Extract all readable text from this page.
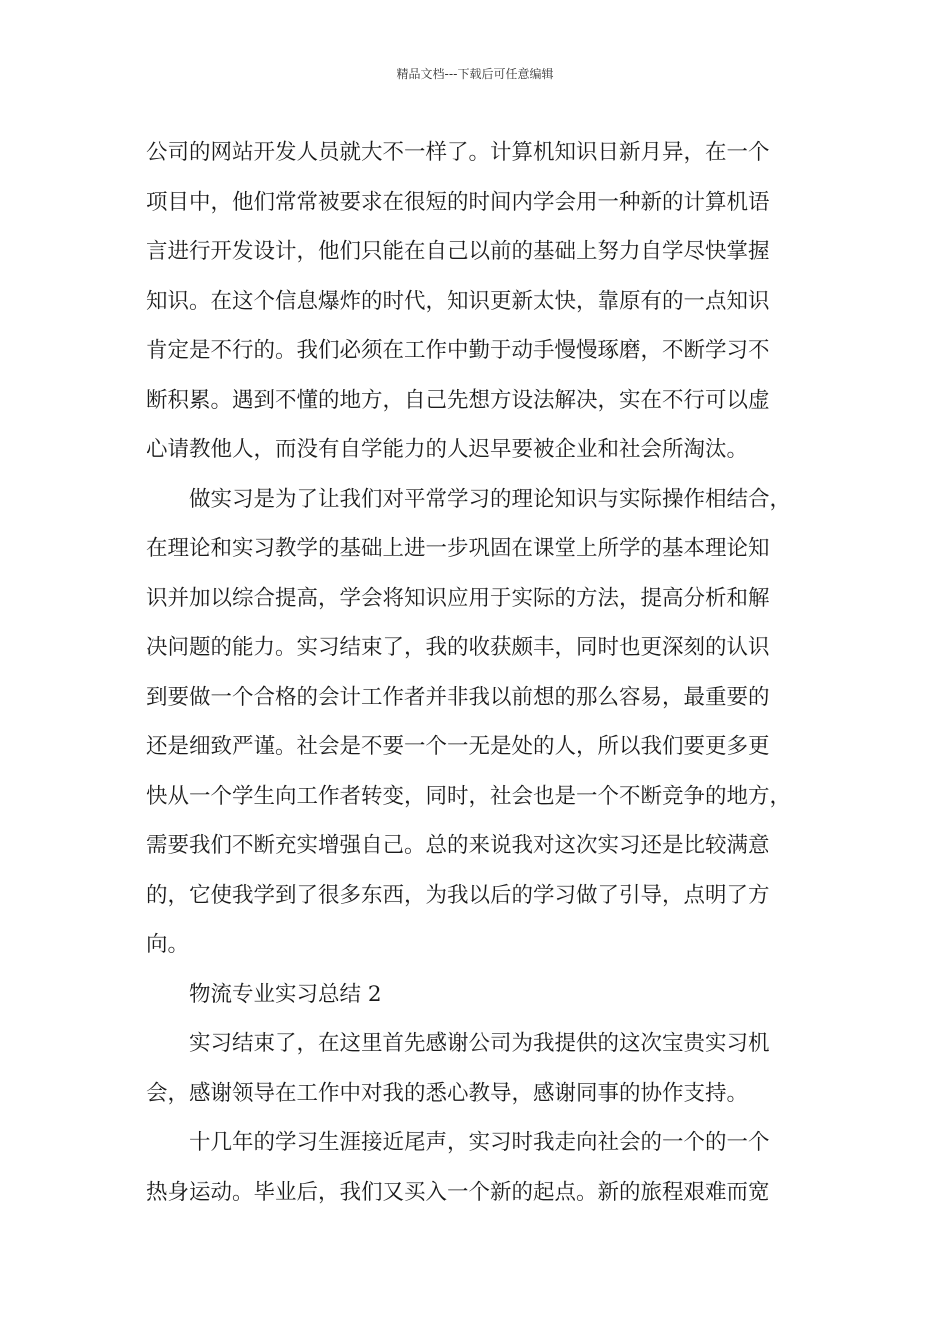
精品文档---下载后可任意编辑
公司的网站开发人员就大不一样了。计算机知识日新月异，在一个
项目中，他们常常被要求在很短的时间内学会用一种新的计算机语
言进行开发设计，他们只能在自己以前的基础上努力自学尽快掌握
知识。在这个信息爆炸的时代，知识更新太快，靠原有的一点知识
肯定是不行的。我们必须在工作中勤于动手慢慢琢磨，不断学习不
断积累。遇到不懂的地方，自己先想方设法解决，实在不行可以虚
心请教他人，而没有自学能力的人迟早要被企业和社会所淘汰。
做实习是为了让我们对平常学习的理论知识与实际操作相结合，
在理论和实习教学的基础上进一步巩固在课堂上所学的基本理论知
识并加以综合提高，学会将知识应用于实际的方法，提高分析和解
决问题的能力。实习结束了，我的收获颇丰，同时也更深刻的认识
到要做一个合格的会计工作者并非我以前想的那么容易，最重要的
还是细致严谨。社会是不要一个一无是处的人，所以我们要更多更
快从一个学生向工作者转变，同时，社会也是一个不断竞争的地方，
需要我们不断充实增强自己。总的来说我对这次实习还是比较满意
的，它使我学到了很多东西，为我以后的学习做了引导，点明了方
向。
物流专业实习总结 2
实习结束了，在这里首先感谢公司为我提供的这次宝贵实习机
会，感谢领导在工作中对我的悉心教导，感谢同事的协作支持。
十几年的学习生涯接近尾声，实习时我走向社会的一个的一个
热身运动。毕业后，我们又买入一个新的起点。新的旅程艰难而宽
